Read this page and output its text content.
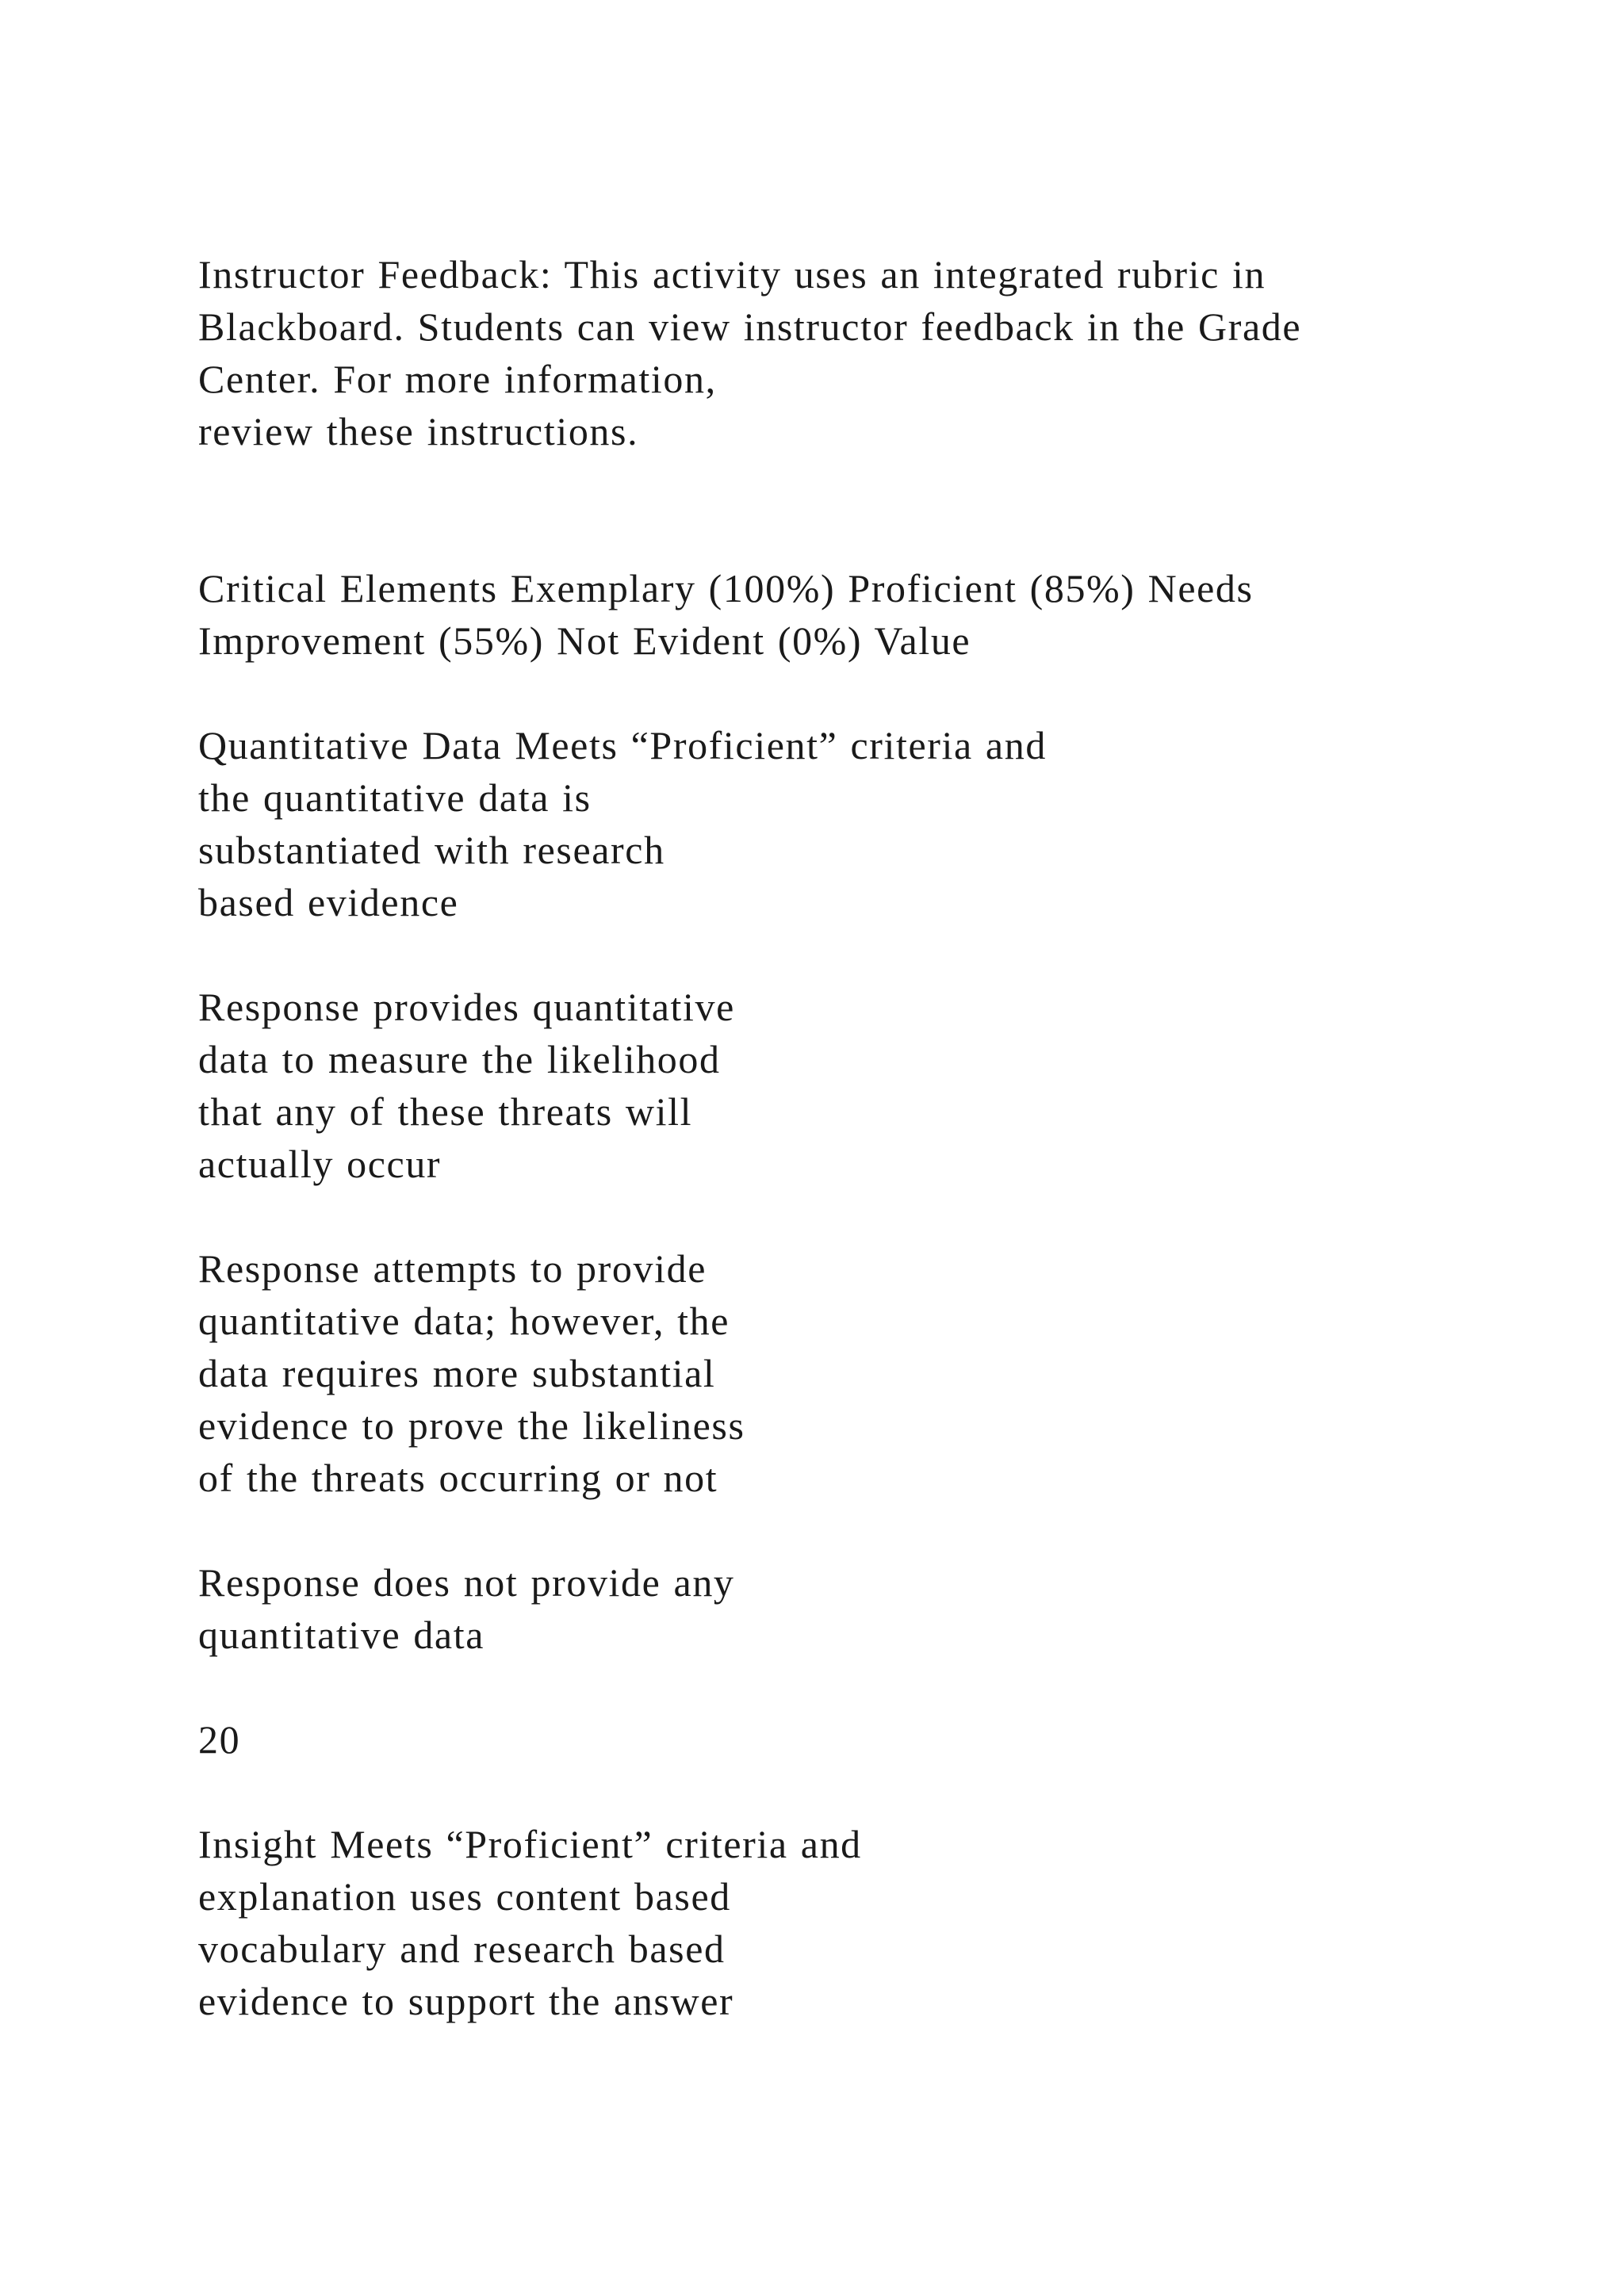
Instructor Feedback: This activity uses an integrated rubric in
Blackboard. Students can view instructor feedback in the Grade
Center. For more information,
review these instructions.
Critical Elements Exemplary (100%) Proficient (85%) Needs
Improvement (55%) Not Evident (0%) Value
Quantitative Data Meets “Proficient” criteria and
the quantitative data is
substantiated with research
based evidence
Response provides quantitative
data to measure the likelihood
that any of these threats will
actually occur
Response attempts to provide
quantitative data; however, the
data requires more substantial
evidence to prove the likeliness
of the threats occurring or not
Response does not provide any
quantitative data
20
Insight Meets “Proficient” criteria and
explanation uses content based
vocabulary and research based
evidence to support the answer
